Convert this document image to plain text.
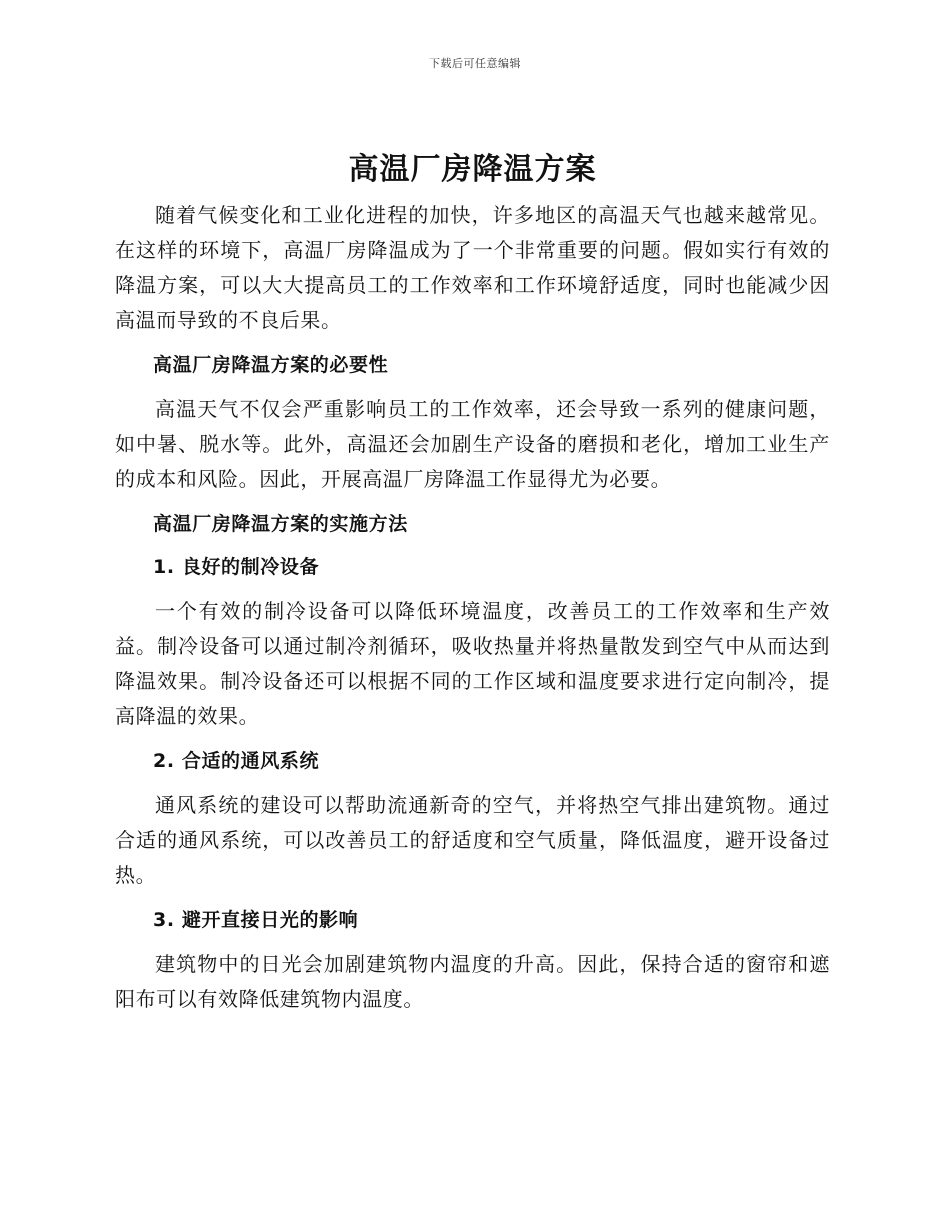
下载后可任意编辑
高温厂房降温方案

随着气候变化和工业化进程的加快，许多地区的高温天气也越来越常见。在这样的环境下，高温厂房降温成为了一个非常重要的问题。假如实行有效的降温方案，可以大大提高员工的工作效率和工作环境舒适度，同时也能减少因高温而导致的不良后果。

高温厂房降温方案的必要性

高温天气不仅会严重影响员工的工作效率，还会导致一系列的健康问题，如中暑、脱水等。此外，高温还会加剧生产设备的磨损和老化，增加工业生产的成本和风险。因此，开展高温厂房降温工作显得尤为必要。

高温厂房降温方案的实施方法
1. 良好的制冷设备

一个有效的制冷设备可以降低环境温度，改善员工的工作效率和生产效益。制冷设备可以通过制冷剂循环，吸收热量并将热量散发到空气中从而达到降温效果。制冷设备还可以根据不同的工作区域和温度要求进行定向制冷，提高降温的效果。

2. 合适的通风系统

通风系统的建设可以帮助流通新奇的空气，并将热空气排出建筑物。通过合适的通风系统，可以改善员工的舒适度和空气质量，降低温度，避开设备过热。

3. 避开直接日光的影响

建筑物中的日光会加剧建筑物内温度的升高。因此，保持合适的窗帘和遮阳布可以有效降低建筑物内温度。
